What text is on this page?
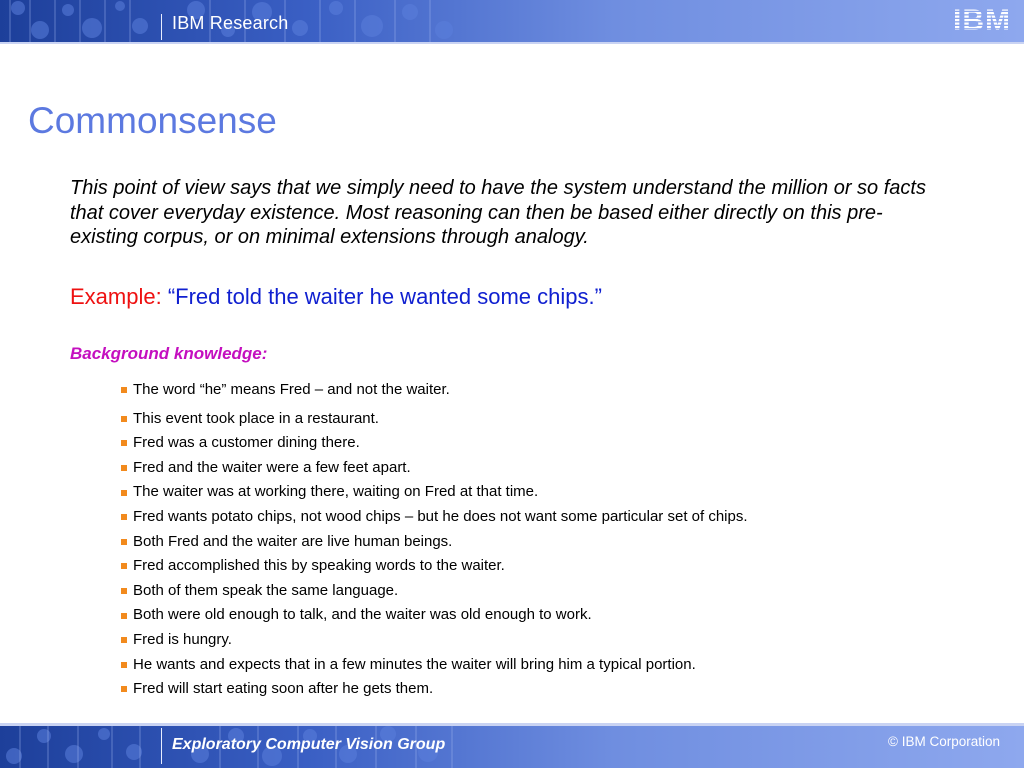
IBM Research	IBM
Commonsense

This point of view says that we simply need to have the system understand the million or so facts that cover everyday existence. Most reasoning can then be based either directly on this pre-existing corpus, or on minimal extensions through analogy.

Example: “Fred told the waiter he wanted some chips.”

Background knowledge:

The word “he” means Fred – and not the waiter.
This event took place in a restaurant.
Fred was a customer dining there.
Fred and the waiter were a few feet apart.
The waiter was at working there, waiting on Fred at that time.
Fred wants potato chips, not wood chips – but he does not want some particular set of chips.
Both Fred and the waiter are live human beings.
Fred accomplished this by speaking words to the waiter.
Both of them speak the same language.
Both were old enough to talk, and the waiter was old enough to work.
Fred is hungry.
He wants and expects that in a few minutes the waiter will bring him a typical portion.
Fred will start eating soon after he gets them.
Exploratory Computer Vision Group	© IBM Corporation
